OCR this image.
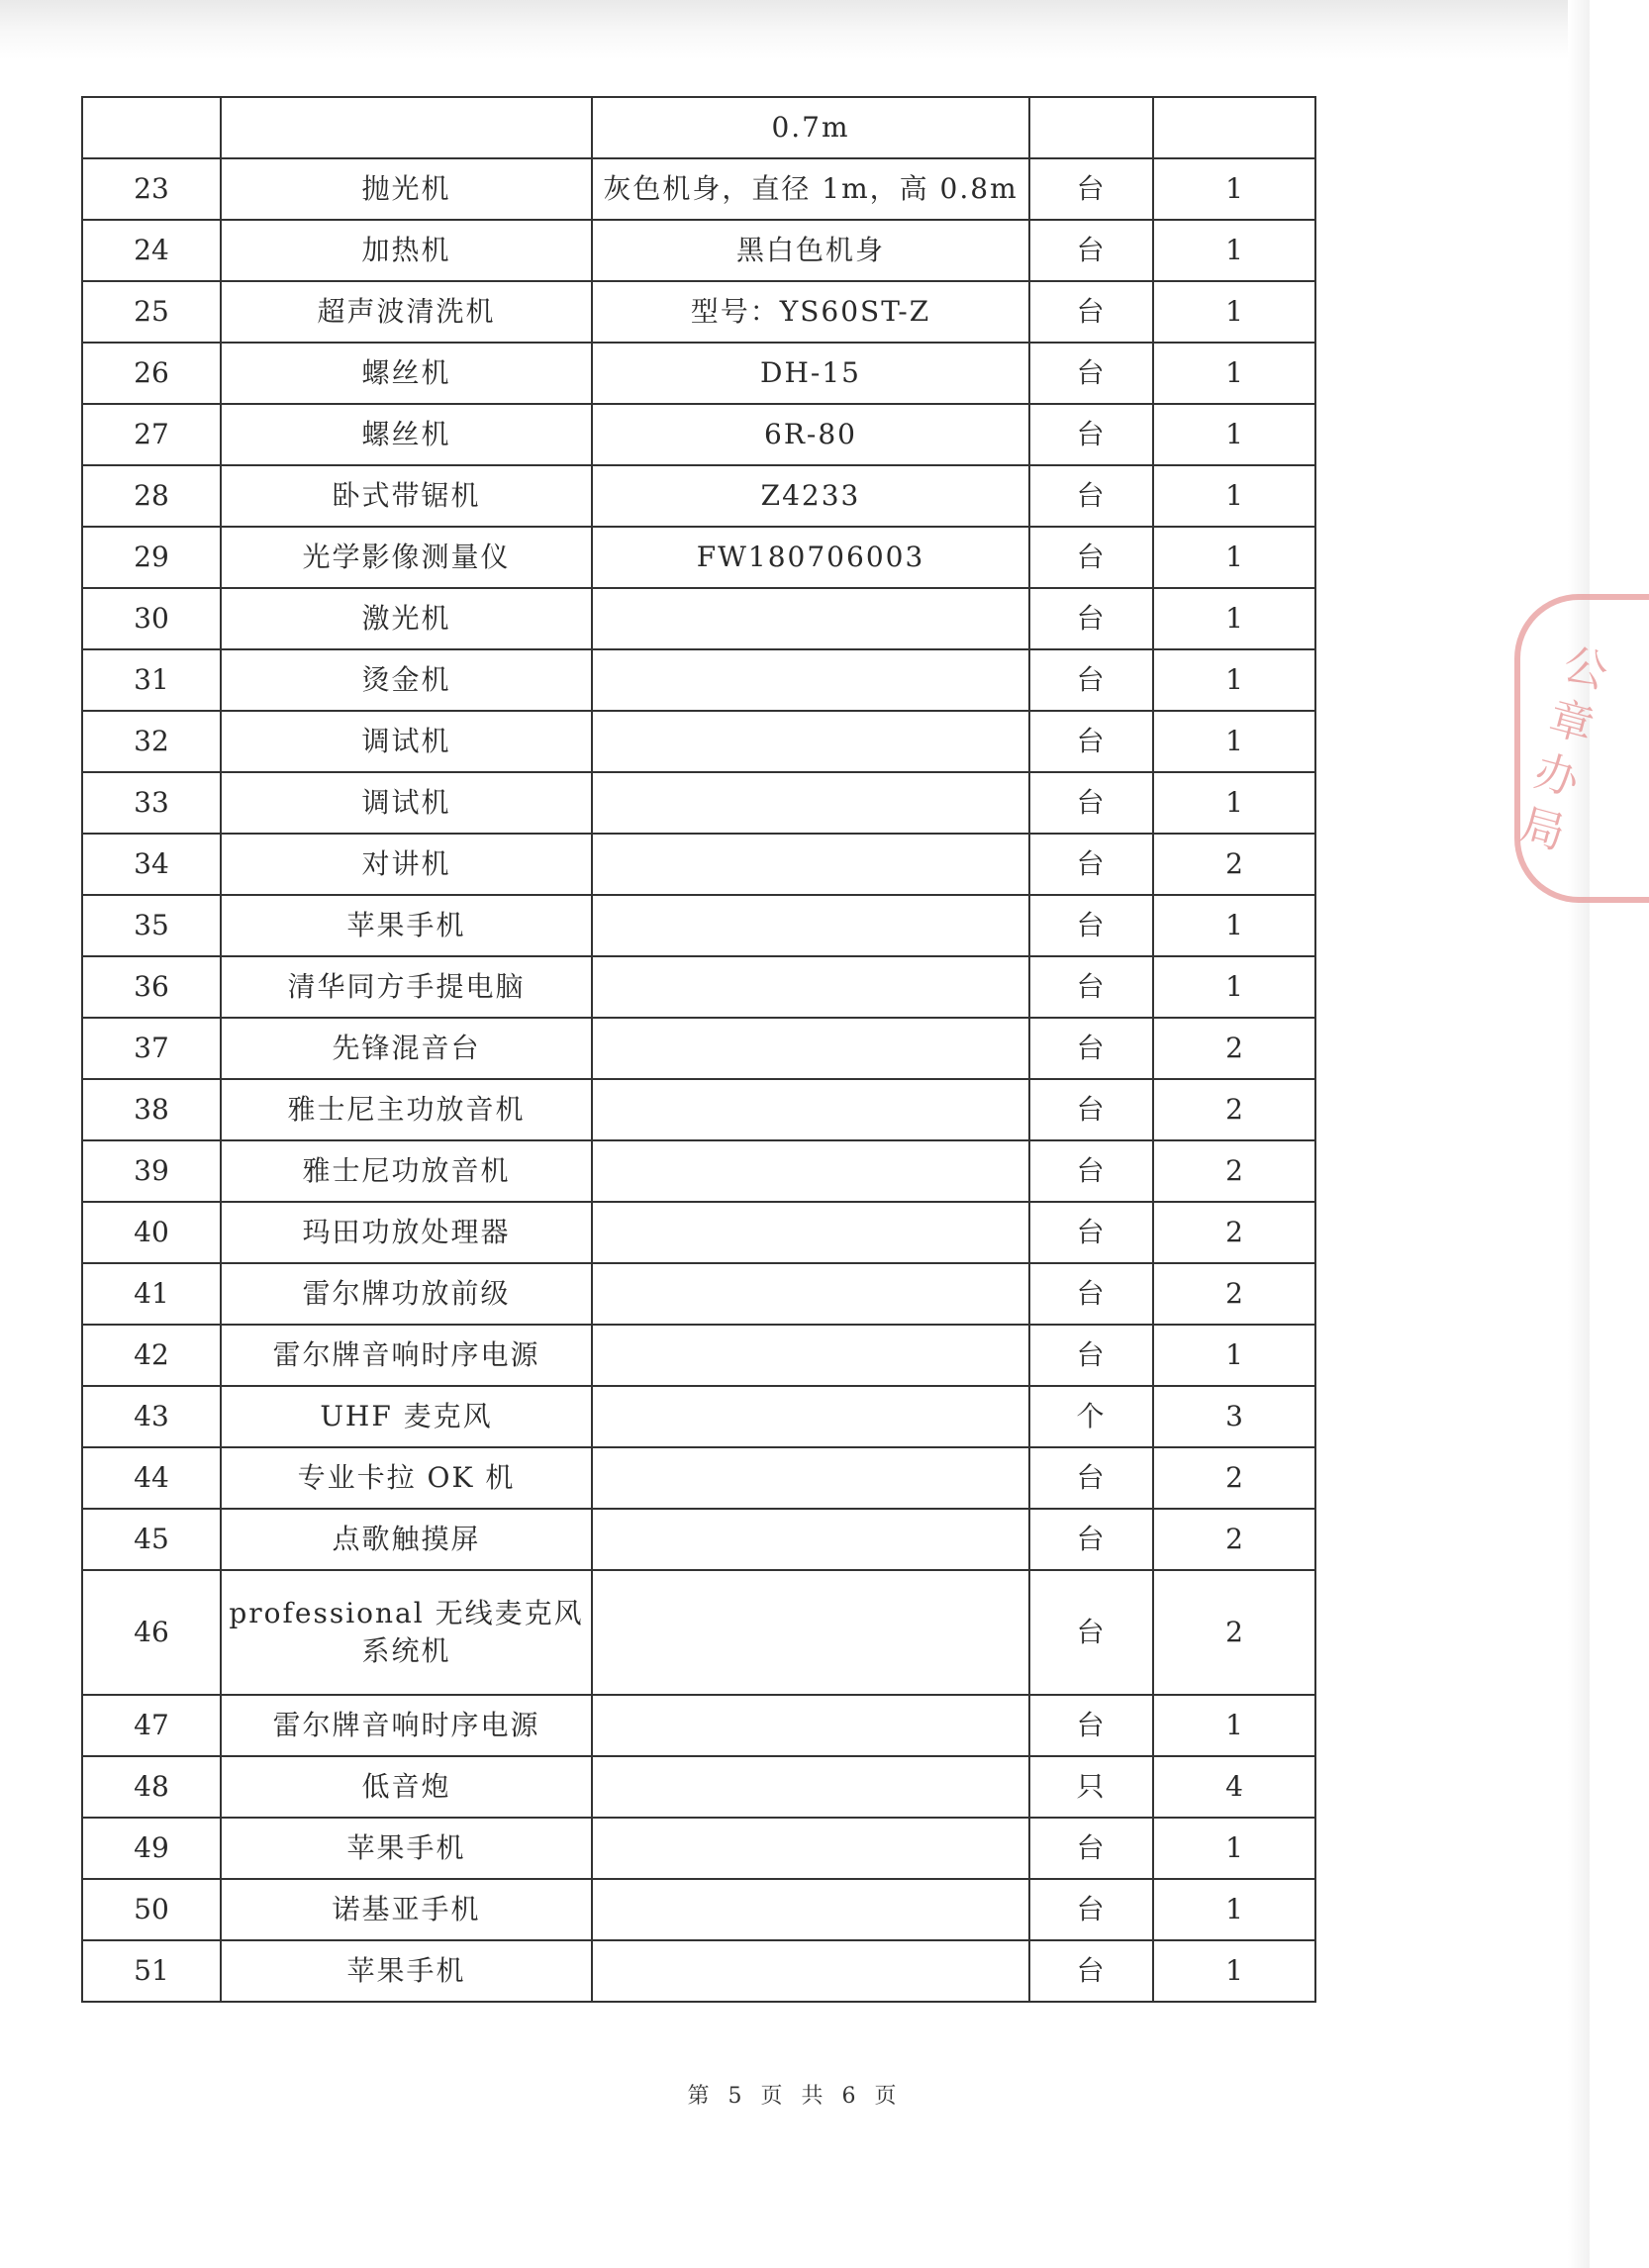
		0.7m		
23	抛光机	灰色机身，直径 1m，高 0.8m	台	1
24	加热机	黑白色机身	台	1
25	超声波清洗机	型号：YS60ST-Z	台	1
26	螺丝机	DH-15	台	1
27	螺丝机	6R-80	台	1
28	卧式带锯机	Z4233	台	1
29	光学影像测量仪	FW180706003	台	1
30	激光机		台	1
31	烫金机		台	1
32	调试机		台	1
33	调试机		台	1
34	对讲机		台	2
35	苹果手机		台	1
36	清华同方手提电脑		台	1
37	先锋混音台		台	2
38	雅士尼主功放音机		台	2
39	雅士尼功放音机		台	2
40	玛田功放处理器		台	2
41	雷尔牌功放前级		台	2
42	雷尔牌音响时序电源		台	1
43	UHF 麦克风		个	3
44	专业卡拉 OK 机		台	2
45	点歌触摸屏		台	2
46	professional 无线麦克风系统机		台	2
47	雷尔牌音响时序电源		台	1
48	低音炮		只	4
49	苹果手机		台	1
50	诺基亚手机		台	1
51	苹果手机		台	1
第 5 页 共 6 页
公章办局
